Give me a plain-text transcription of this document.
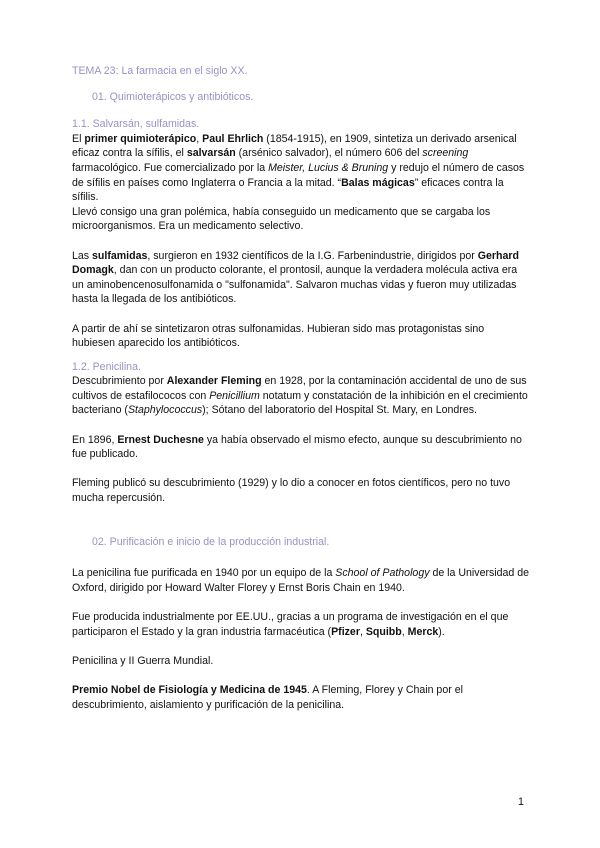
TEMA 23: La farmacia en el siglo XX.
01. Quimioterápicos y antibióticos.
1.1. Salvarsán, sulfamidas.

El primer quimioterápico, Paul Ehrlich (1854-1915), en 1909, sintetiza un derivado arsenical eficaz contra la sífilis, el salvarsán (arsénico salvador), el número 606 del screening farmacológico. Fue comercializado por la Meister, Lucius & Bruning y redujo el número de casos de sífilis en países como Inglaterra o Francia a la mitad. “Balas mágicas” eficaces contra la sífilis.

Llevó consigo una gran polémica, había conseguido un medicamento que se cargaba los microorganismos. Era un medicamento selectivo.

Las sulfamidas, surgieron en 1932 científicos de la I.G. Farbenindustrie, dirigidos por Gerhard Domagk, dan con un producto colorante, el prontosil, aunque la verdadera molécula activa era un aminobencenosulfonamida o "sulfonamida". Salvaron muchas vidas y fueron muy utilizadas hasta la llegada de los antibióticos.

A partir de ahí se sintetizaron otras sulfonamidas. Hubieran sido mas protagonistas sino hubiesen aparecido los antibióticos.

1.2. Penicilina.

Descubrimiento por Alexander Fleming en 1928, por la contaminación accidental de uno de sus cultivos de estafilococos con Penicillium notatum y constatación de la inhibición en el crecimiento
bacteriano (Staphylococcus); Sótano del laboratorio del Hospital St. Mary, en Londres.

En 1896, Ernest Duchesne ya había observado el mismo efecto, aunque su descubrimiento no fue publicado.

Fleming publicó su descubrimiento (1929) y lo dio a conocer en fotos científicos, pero no tuvo mucha repercusión.

02. Purificación e inicio de la producción industrial.

La penicilina fue purificada en 1940 por un equipo de la School of Pathology de la Universidad de Oxford, dirigido por Howard Walter Florey y Ernst Boris Chain en 1940.

Fue producida industrialmente por EE.UU., gracias a un programa de investigación en el que participaron el Estado y la gran industria farmacéutica (Pfizer, Squibb, Merck).

Penicilina y II Guerra Mundial.

Premio Nobel de Fisiología y Medicina de 1945. A Fleming, Florey y Chain por el descubrimiento, aislamiento y purificación de la penicilina.

1
